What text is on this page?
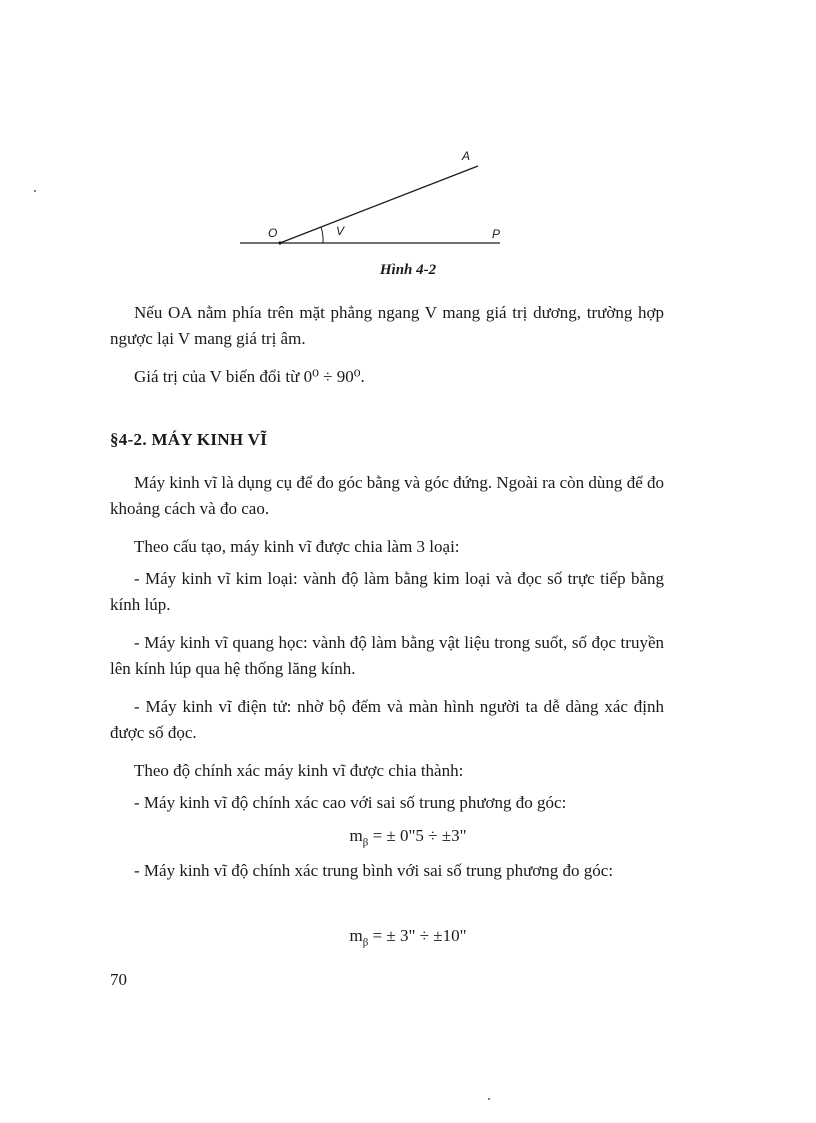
A
O	V	P
Hình 4-2

Nếu OA nằm phía trên mặt phẳng ngang V mang giá trị dương, trường hợp ngược lại V mang giá trị âm.

Giá trị của V biến đổi từ 0⁰ ÷ 90⁰.

§4-2. MÁY KINH VĨ

Máy kinh vĩ là dụng cụ để đo góc bằng và góc đứng. Ngoài ra còn dùng để đo khoảng cách và đo cao.

Theo cấu tạo, máy kinh vĩ được chia làm 3 loại:

- Máy kinh vĩ kim loại: vành độ làm bằng kim loại và đọc số trực tiếp bằng kính lúp.

- Máy kinh vĩ quang học: vành độ làm bằng vật liệu trong suốt, số đọc truyền lên kính lúp qua hệ thống lăng kính.

- Máy kinh vĩ điện tử: nhờ bộ đếm và màn hình người ta dễ dàng xác định được số đọc.

Theo độ chính xác máy kinh vĩ được chia thành:

- Máy kinh vĩ độ chính xác cao với sai số trung phương đo góc:

$m_\beta$ = ± 0"5 ÷ ±3"

- Máy kinh vĩ độ chính xác trung bình với sai số trung phương đo góc:

$m_\beta$ = ± 3" ÷ ±10"
70
